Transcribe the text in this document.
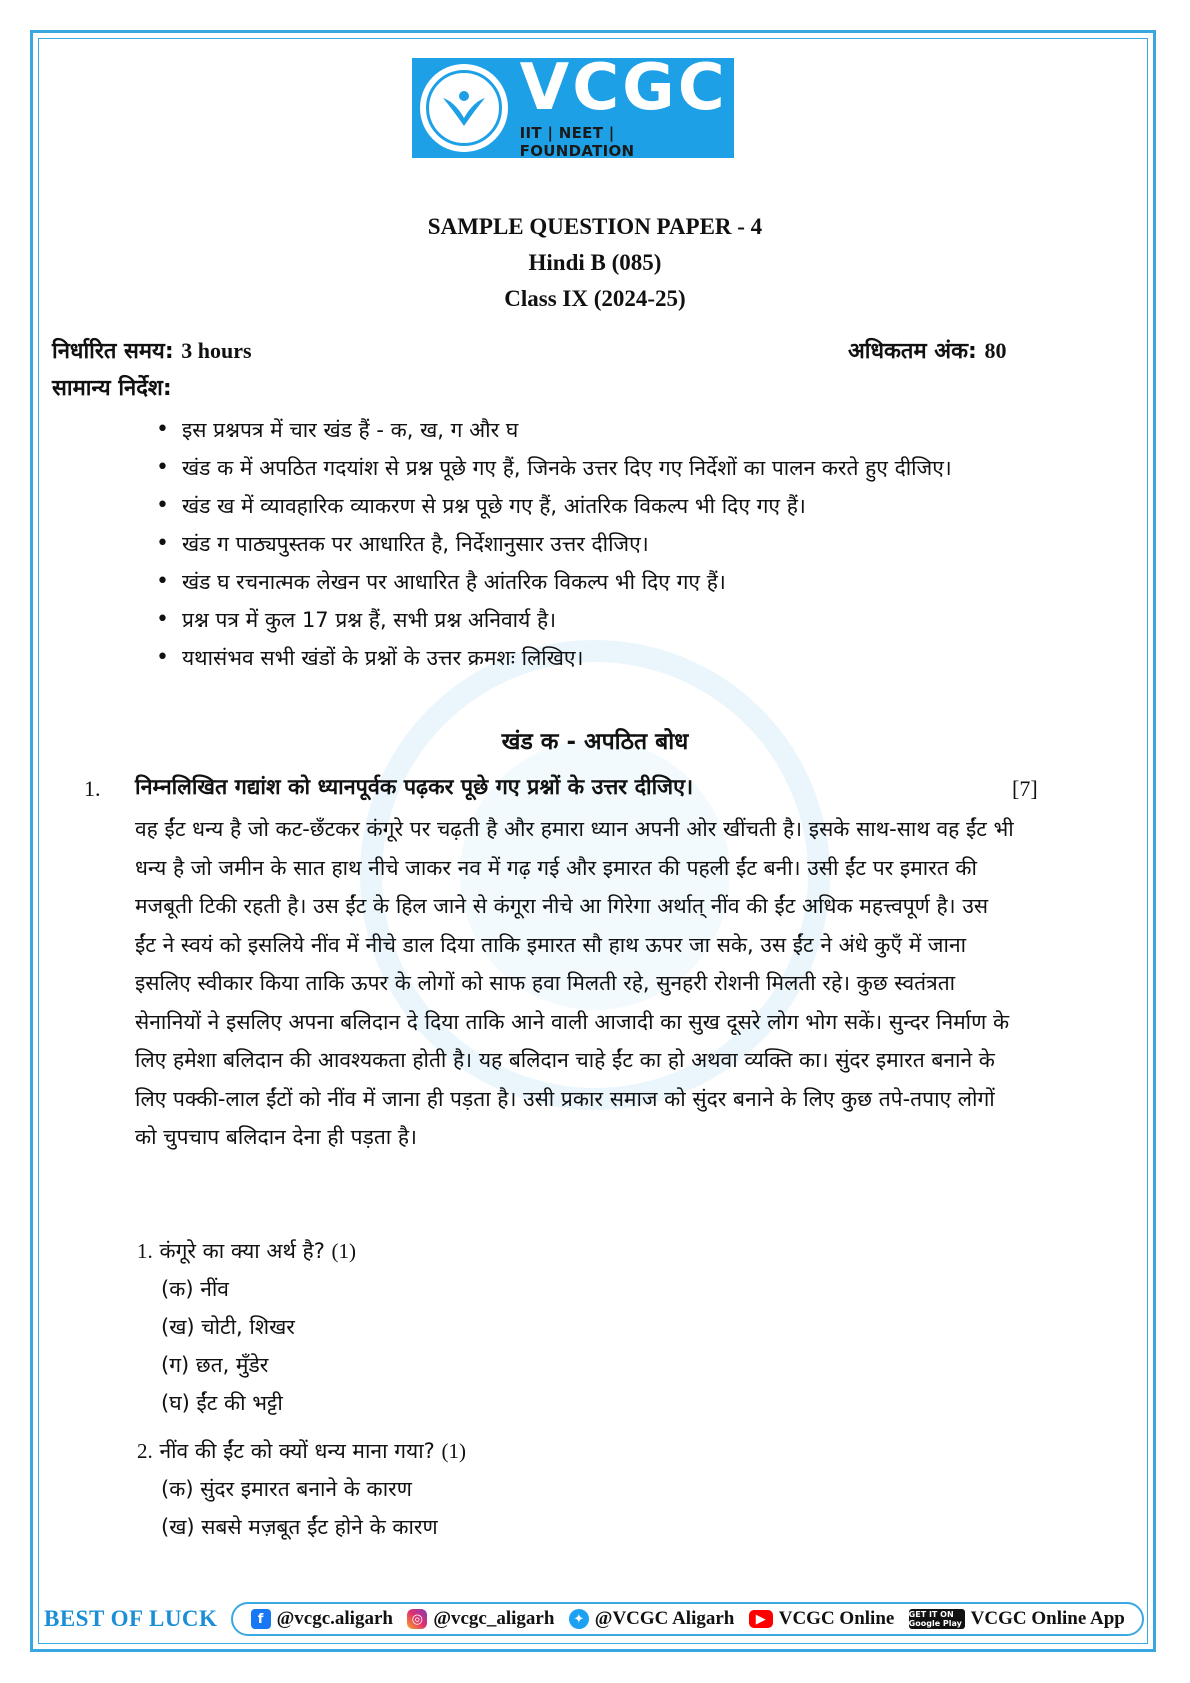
VCGC
IIT | NEET | FOUNDATION
SAMPLE QUESTION PAPER - 4
Hindi B (085)
Class IX (2024-25)
निर्धारित समय: 3 hours	अधिकतम अंक: 80
सामान्य निर्देश:
• इस प्रश्नपत्र में चार खंड हैं - क, ख, ग और घ
• खंड क में अपठित गदयांश से प्रश्न पूछे गए हैं, जिनके उत्तर दिए गए निर्देशों का पालन करते हुए दीजिए।
• खंड ख में व्यावहारिक व्याकरण से प्रश्न पूछे गए हैं, आंतरिक विकल्प भी दिए गए हैं।
• खंड ग पाठ्यपुस्तक पर आधारित है, निर्देशानुसार उत्तर दीजिए।
• खंड घ रचनात्मक लेखन पर आधारित है आंतरिक विकल्प भी दिए गए हैं।
• प्रश्न पत्र में कुल 17 प्रश्न हैं, सभी प्रश्न अनिवार्य है।
• यथासंभव सभी खंडों के प्रश्नों के उत्तर क्रमशः लिखिए।
खंड क - अपठित बोध
1. निम्नलिखित गद्यांश को ध्यानपूर्वक पढ़कर पूछे गए प्रश्नों के उत्तर दीजिए।	[7]

वह ईंट धन्य है जो कट-छँटकर कंगूरे पर चढ़ती है और हमारा ध्यान अपनी ओर खींचती है। इसके साथ-साथ वह ईंट भी धन्य है जो जमीन के सात हाथ नीचे जाकर नव में गढ़ गई और इमारत की पहली ईंट बनी। उसी ईंट पर इमारत की मजबूती टिकी रहती है। उस ईंट के हिल जाने से कंगूरा नीचे आ गिरेगा अर्थात् नींव की ईंट अधिक महत्त्वपूर्ण है। उस ईंट ने स्वयं को इसलिये नींव में नीचे डाल दिया ताकि इमारत सौ हाथ ऊपर जा सके, उस ईंट ने अंधे कुएँ में जाना इसलिए स्वीकार किया ताकि ऊपर के लोगों को साफ हवा मिलती रहे, सुनहरी रोशनी मिलती रहे। कुछ स्वतंत्रता सेनानियों ने इसलिए अपना बलिदान दे दिया ताकि आने वाली आजादी का सुख दूसरे लोग भोग सकें। सुन्दर निर्माण के लिए हमेशा बलिदान की आवश्यकता होती है। यह बलिदान चाहे ईंट का हो अथवा व्यक्ति का। सुंदर इमारत बनाने के लिए पक्की-लाल ईंटों को नींव में जाना ही पड़ता है। उसी प्रकार समाज को सुंदर बनाने के लिए कुछ तपे-तपाए लोगों को चुपचाप बलिदान देना ही पड़ता है।

1. कंगूरे का क्या अर्थ है? (1)
(क) नींव
(ख) चोटी, शिखर
(ग) छत, मुँडेर
(घ) ईंट की भट्टी
2. नींव की ईंट को क्यों धन्य माना गया? (1)
(क) सुंदर इमारत बनाने के कारण
(ख) सबसे मज़बूत ईंट होने के कारण
BEST OF LUCK	f @vcgc.aligarh	◎ @vcgc_aligarh	✦ @VCGC Aligarh	▶ VCGC Online GET IT ON Google Play VCGC Online App
